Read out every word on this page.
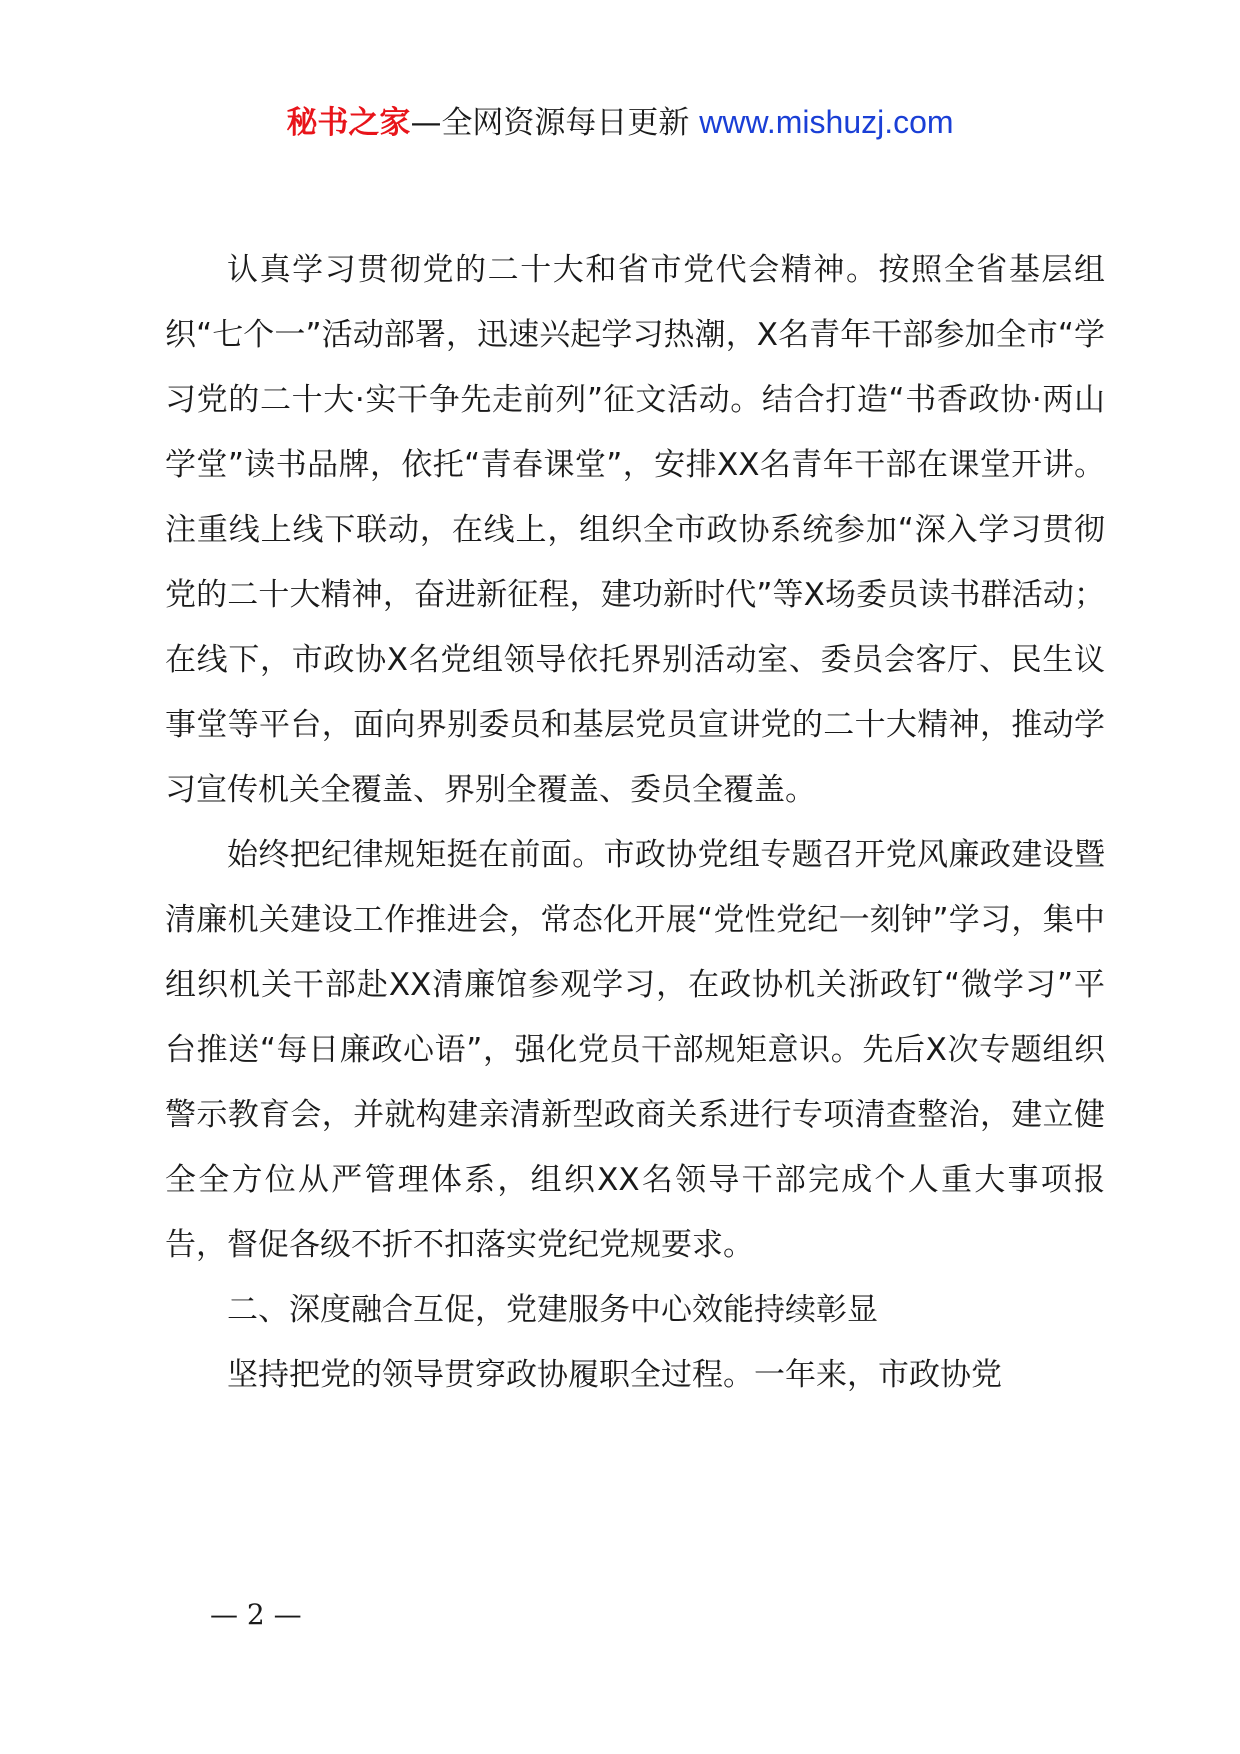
秘书之家—全网资源每日更新 www.mishuzj.com

认真学习贯彻党的二十大和省市党代会精神。按照全省基层组织“七个一”活动部署，迅速兴起学习热潮，X名青年干部参加全市“学习党的二十大·实干争先走前列”征文活动。结合打造“书香政协·两山学堂”读书品牌，依托“青春课堂”，安排XX名青年干部在课堂开讲。注重线上线下联动，在线上，组织全市政协系统参加“深入学习贯彻党的二十大精神，奋进新征程，建功新时代”等X场委员读书群活动；在线下，市政协X名党组领导依托界别活动室、委员会客厅、民生议事堂等平台，面向界别委员和基层党员宣讲党的二十大精神，推动学习宣传机关全覆盖、界别全覆盖、委员全覆盖。

始终把纪律规矩挺在前面。市政协党组专题召开党风廉政建设暨清廉机关建设工作推进会，常态化开展“党性党纪一刻钟”学习，集中组织机关干部赴XX清廉馆参观学习，在政协机关浙政钉“微学习”平台推送“每日廉政心语”，强化党员干部规矩意识。先后X次专题组织警示教育会，并就构建亲清新型政商关系进行专项清查整治，建立健全全方位从严管理体系，组织XX名领导干部完成个人重大事项报告，督促各级不折不扣落实党纪党规要求。

二、深度融合互促，党建服务中心效能持续彰显

坚持把党的领导贯穿政协履职全过程。一年来，市政协党

— 2 —
